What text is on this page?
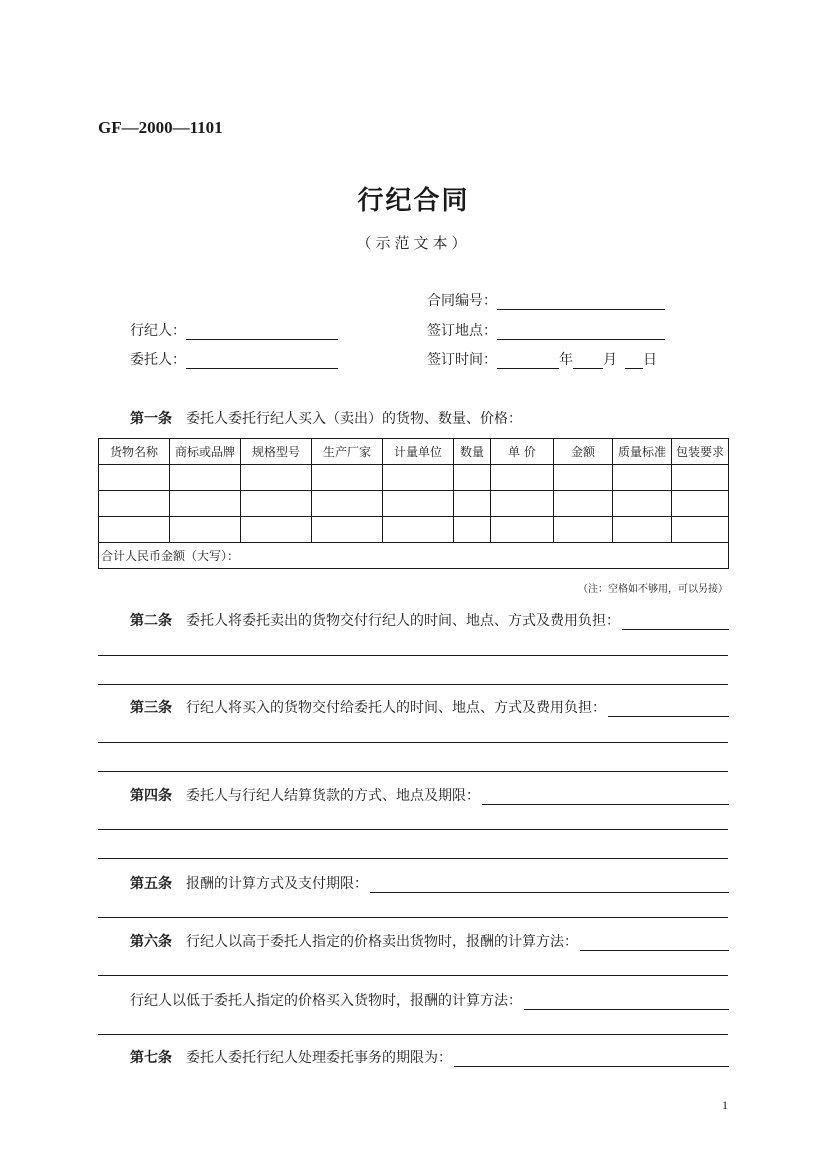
GF—2000—1101
行纪合同
（示范文本）
合同编号：
行纪人：	签订地点：
委托人：	签订时间：	年 月 日
第一条 委托人委托行纪人买入（卖出）的货物、数量、价格：
货物名称	商标或品牌	规格型号	生产厂家	计量单位	数量	单 价	金额	质量标准	包装要求

合计人民币金额（大写）：									
（注：空格如不够用，可以另接）
第二条 委托人将委托卖出的货物交付行纪人的时间、地点、方式及费用负担：
第三条 行纪人将买入的货物交付给委托人的时间、地点、方式及费用负担：
第四条 委托人与行纪人结算货款的方式、地点及期限：
第五条 报酬的计算方式及支付期限：
第六条 行纪人以高于委托人指定的价格卖出货物时，报酬的计算方法：
行纪人以低于委托人指定的价格买入货物时，报酬的计算方法：
第七条 委托人委托行纪人处理委托事务的期限为：
1
